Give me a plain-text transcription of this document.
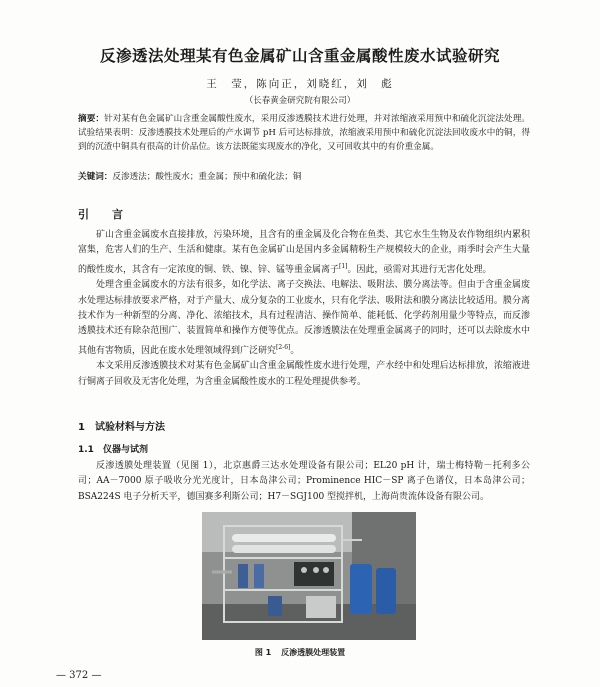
反渗透法处理某有色金属矿山含重金属酸性废水试验研究
王　莹，陈向正，刘晓红，刘　彪
（长春黄金研究院有限公司）
摘要：针对某有色金属矿山含重金属酸性废水，采用反渗透膜技术进行处理，并对浓缩液采用预中和硫化沉淀法处理。试验结果表明：反渗透膜技术处理后的产水调节 pH 后可达标排放，浓缩液采用预中和硫化沉淀法回收废水中的铜，得到的沉渣中铜具有很高的计价品位。该方法既能实现废水的净化，又可回收其中的有价重金属。
关键词：反渗透法；酸性废水；重金属；预中和硫化法；铜
引　言

矿山含重金属废水直接排放，污染环境，且含有的重金属及化合物在鱼类、其它水生生物及农作物组织内累积富集，危害人们的生产、生活和健康。某有色金属矿山是国内多金属精粉生产规模较大的企业，雨季时会产生大量的酸性废水，其含有一定浓度的铜、铁、镍、锌、锰等重金属离子[1]。因此，亟需对其进行无害化处理。

处理含重金属废水的方法有很多，如化学法、离子交换法、电解法、吸附法、膜分离法等。但由于含重金属废水处理达标排放要求严格，对于产量大、成分复杂的工业废水，只有化学法、吸附法和膜分离法比较适用。膜分离技术作为一种新型的分离、净化、浓缩技术，具有过程清洁、操作简单、能耗低、化学药剂用量少等特点，而反渗透膜技术还有除杂范围广、装置简单和操作方便等优点。反渗透膜法在处理重金属离子的同时，还可以去除废水中其他有害物质，因此在废水处理领域得到广泛研究[2-6]。

本文采用反渗透膜技术对某有色金属矿山含重金属酸性废水进行处理，产水经中和处理后达标排放，浓缩液进行铜离子回收及无害化处理，为含重金属酸性废水的工程处理提供参考。

1　试验材料与方法
1.1　仪器与试剂

反渗透膜处理装置（见图 1），北京惠爵三达水处理设备有限公司；EL20 pH 计，瑞士梅特勒－托利多公司；AA－7000 原子吸收分光光度计，日本岛津公司；Prominence HIC－SP 离子色谱仪，日本岛津公司；BSA224S 电子分析天平，德国赛多利斯公司；H7－SGJ100 型搅拌机，上海尚贵流体设备有限公司。

图 1 反渗透膜处理装置
— 372 —
